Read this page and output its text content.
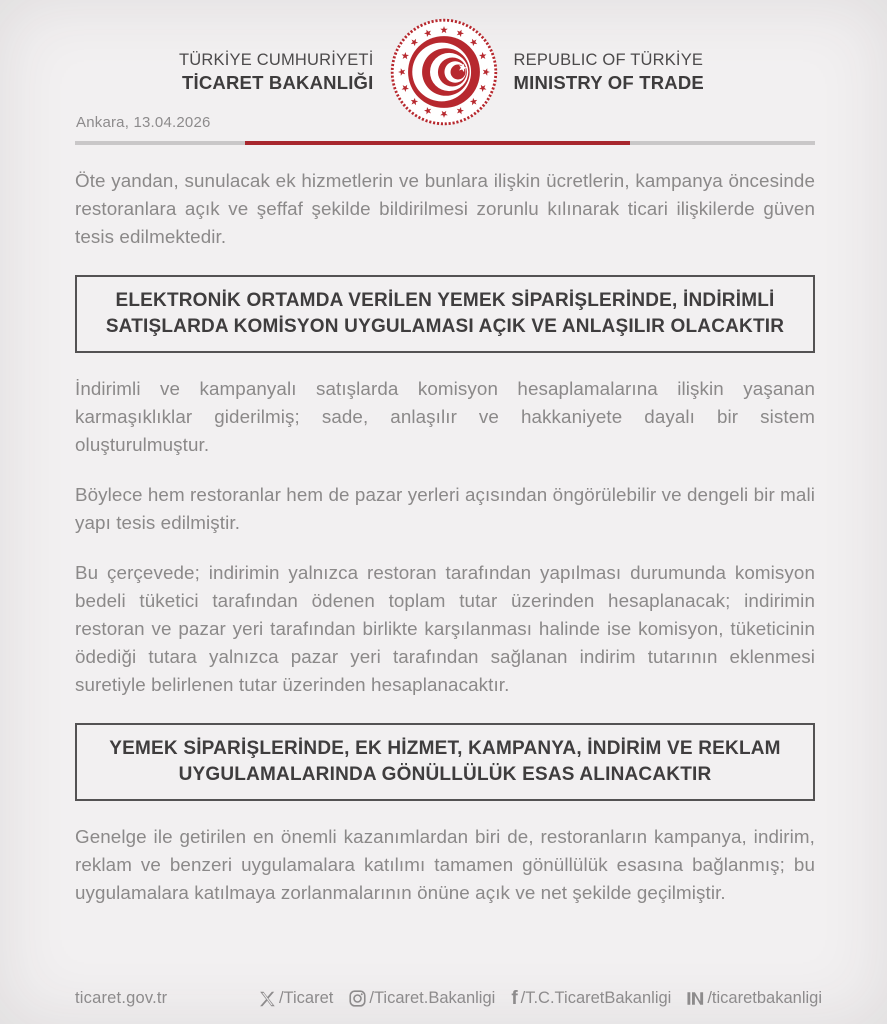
TÜRKİYE CUMHURİYETİ
TİCARET BAKANLIĞI
REPUBLIC OF TÜRKİYE
MINISTRY OF TRADE
Ankara, 13.04.2026

Öte yandan, sunulacak ek hizmetlerin ve bunlara ilişkin ücretlerin, kampanya öncesinde restoranlara açık ve şeffaf şekilde bildirilmesi zorunlu kılınarak ticari ilişkilerde güven tesis edilmektedir.

ELEKTRONİK ORTAMDA VERİLEN YEMEK SİPARİŞLERİNDE, İNDİRİMLİ SATIŞLARDA KOMİSYON UYGULAMASI AÇIK VE ANLAŞILIR OLACAKTIR

İndirimli ve kampanyalı satışlarda komisyon hesaplamalarına ilişkin yaşanan karmaşıklıklar giderilmiş; sade, anlaşılır ve hakkaniyete dayalı bir sistem oluşturulmuştur.

Böylece hem restoranlar hem de pazar yerleri açısından öngörülebilir ve dengeli bir mali yapı tesis edilmiştir.

Bu çerçevede; indirimin yalnızca restoran tarafından yapılması durumunda komisyon bedeli tüketici tarafından ödenen toplam tutar üzerinden hesaplanacak; indirimin restoran ve pazar yeri tarafından birlikte karşılanması halinde ise komisyon, tüketicinin ödediği tutara yalnızca pazar yeri tarafından sağlanan indirim tutarının eklenmesi suretiyle belirlenen tutar üzerinden hesaplanacaktır.

YEMEK SİPARİŞLERİNDE, EK HİZMET, KAMPANYA, İNDİRİM VE REKLAM UYGULAMALARINDA GÖNÜLLÜLÜK ESAS ALINACAKTIR

Genelge ile getirilen en önemli kazanımlardan biri de, restoranların kampanya, indirim, reklam ve benzeri uygulamalara katılımı tamamen gönüllülük esasına bağlanmış; bu uygulamalara katılmaya zorlanmalarının önüne açık ve net şekilde geçilmiştir.

ticaret.gov.tr	/Ticaret /Ticaret.Bakanligi f /T.C.TicaretBakanligi /ticaretbakanligi
